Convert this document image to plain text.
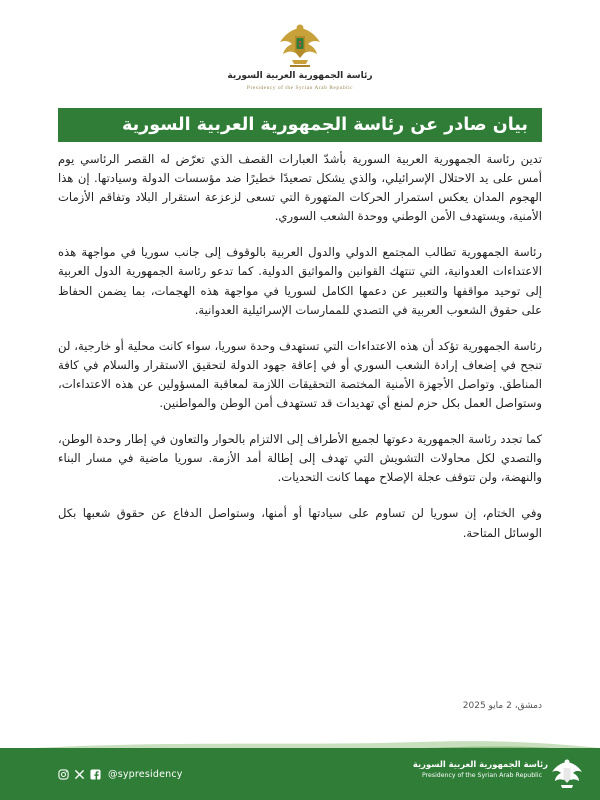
رئاسة الجمهورية العربية السورية
Presidency of the Syrian Arab Republic
بيان صادر عن رئاسة الجمهورية العربية السورية

تدين رئاسة الجمهورية العربية السورية بأشدّ العبارات القصف الذي تعرّض له القصر الرئاسي يوم أمس على يد الاحتلال الإسرائيلي، والذي يشكل تصعيدًا خطيرًا ضد مؤسسات الدولة وسيادتها. إن هذا الهجوم المدان يعكس استمرار الحركات المتهورة التي تسعى لزعزعة استقرار البلاد وتفاقم الأزمات الأمنية، ويستهدف الأمن الوطني ووحدة الشعب السوري.

رئاسة الجمهورية تطالب المجتمع الدولي والدول العربية بالوقوف إلى جانب سوريا في مواجهة هذه الاعتداءات العدوانية، التي تنتهك القوانين والمواثيق الدولية. كما تدعو رئاسة الجمهورية الدول العربية إلى توحيد مواقفها والتعبير عن دعمها الكامل لسوريا في مواجهة هذه الهجمات، بما يضمن الحفاظ على حقوق الشعوب العربية في التصدي للممارسات الإسرائيلية العدوانية.

رئاسة الجمهورية تؤكد أن هذه الاعتداءات التي تستهدف وحدة سوريا، سواء كانت محلية أو خارجية، لن تنجح في إضعاف إرادة الشعب السوري أو في إعاقة جهود الدولة لتحقيق الاستقرار والسلام في كافة المناطق. وتواصل الأجهزة الأمنية المختصة التحقيقات اللازمة لمعاقبة المسؤولين عن هذه الاعتداءات، وستواصل العمل بكل حزم لمنع أي تهديدات قد تستهدف أمن الوطن والمواطنين.

كما تجدد رئاسة الجمهورية دعوتها لجميع الأطراف إلى الالتزام بالحوار والتعاون في إطار وحدة الوطن، والتصدي لكل محاولات التشويش التي تهدف إلى إطالة أمد الأزمة. سوريا ماضية في مسار البناء والنهضة، ولن تتوقف عجلة الإصلاح مهما كانت التحديات.

وفي الختام، إن سوريا لن تساوم على سيادتها أو أمنها، وستواصل الدفاع عن حقوق شعبها بكل الوسائل المتاحة.

دمشق، 2 مايو 2025
@sypresidency
رئاسة الجمهورية العربية السورية
Presidency of the Syrian Arab Republic
